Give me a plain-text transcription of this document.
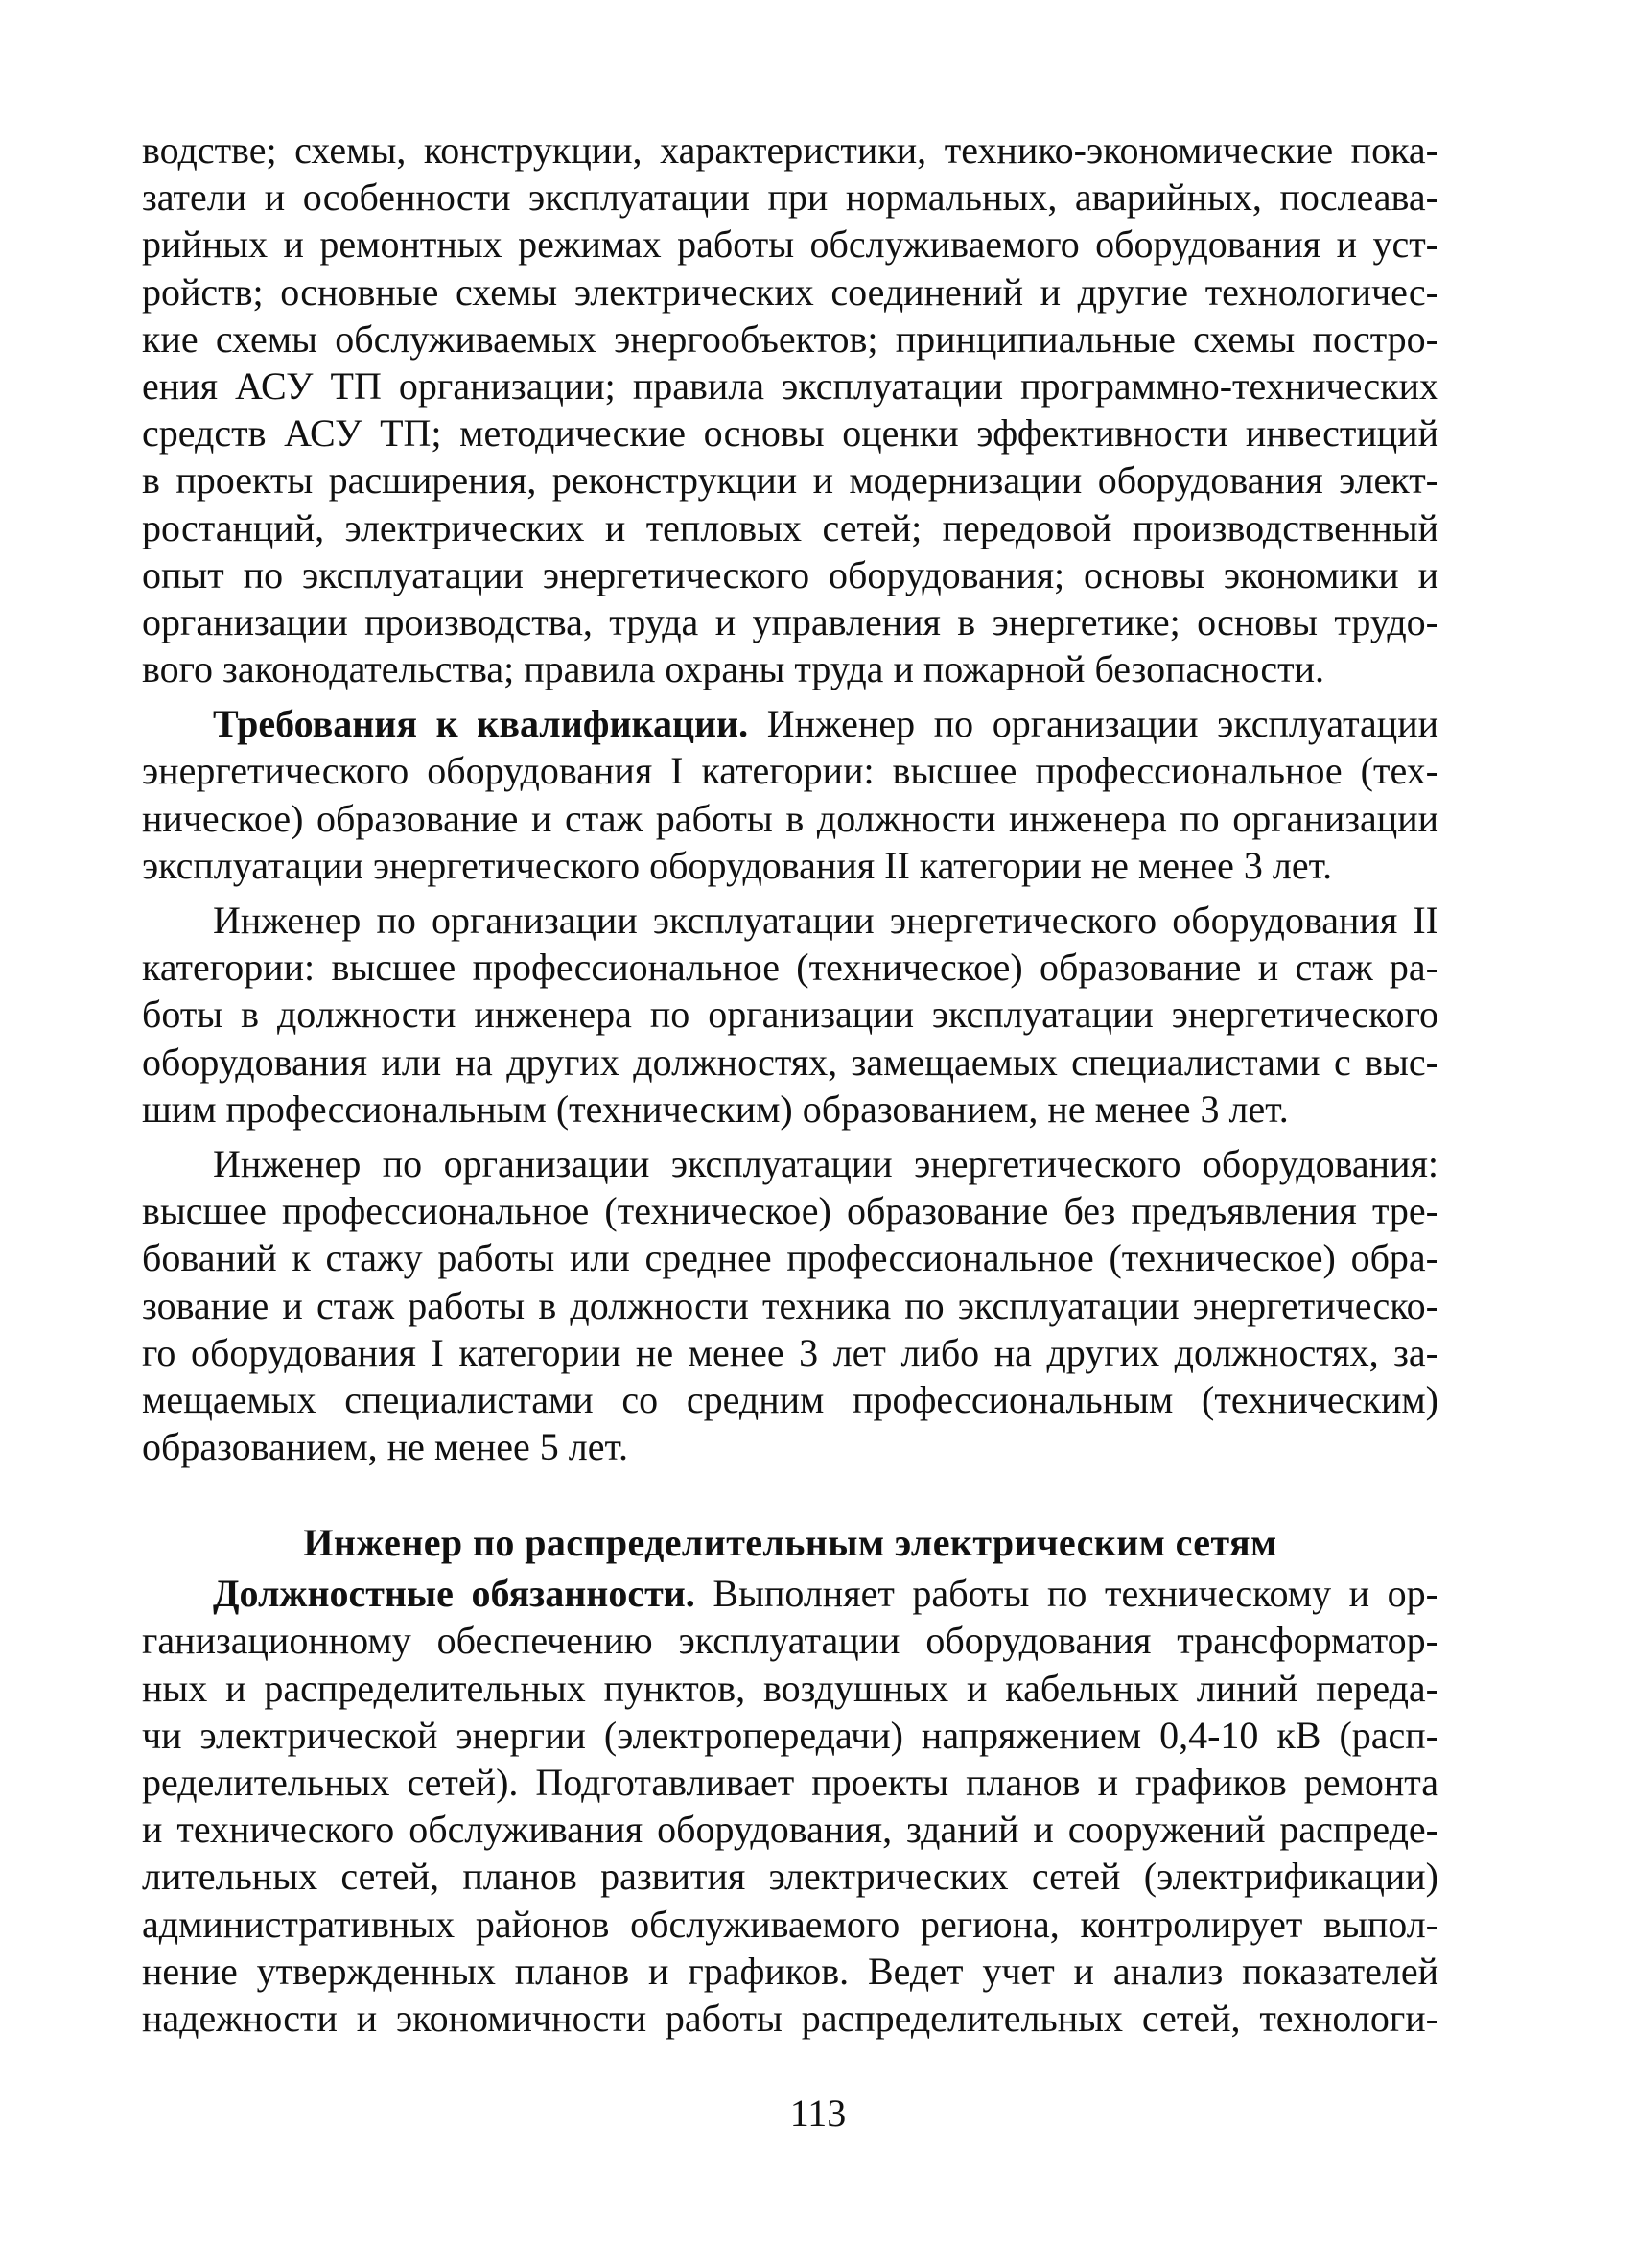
водстве; схемы, конструкции, характеристики, технико-экономические пока-
затели и особенности эксплуатации при нормальных, аварийных, послеава-
рийных и ремонтных режимах работы обслуживаемого оборудования и уст-
ройств; основные схемы электрических соединений и другие технологичес-
кие схемы обслуживаемых энергообъектов; принципиальные схемы постро-
ения АСУ ТП организации; правила эксплуатации программно-технических
средств АСУ ТП; методические основы оценки эффективности инвестиций
в проекты расширения, реконструкции и модернизации оборудования элект-
ростанций, электрических и тепловых сетей; передовой производственный
опыт по эксплуатации энергетического оборудования; основы экономики и
организации производства, труда и управления в энергетике; основы трудо-
вого законодательства; правила охраны труда и пожарной безопасности.
Требования к квалификации. Инженер по организации эксплуатации
энергетического оборудования I категории: высшее профессиональное (тех-
ническое) образование и стаж работы в должности инженера по организации
эксплуатации энергетического оборудования II категории не менее 3 лет.
Инженер по организации эксплуатации энергетического оборудования II
категории: высшее профессиональное (техническое) образование и стаж ра-
боты в должности инженера по организации эксплуатации энергетического
оборудования или на других должностях, замещаемых специалистами с выс-
шим профессиональным (техническим) образованием, не менее 3 лет.
Инженер по организации эксплуатации энергетического оборудования:
высшее профессиональное (техническое) образование без предъявления тре-
бований к стажу работы или среднее профессиональное (техническое) обра-
зование и стаж работы в должности техника по эксплуатации энергетическо-
го оборудования I категории не менее 3 лет либо на других должностях, за-
мещаемых специалистами со средним профессиональным (техническим)
образованием, не менее 5 лет.
Инженер по распределительным электрическим сетям
Должностные обязанности. Выполняет работы по техническому и ор-
ганизационному обеспечению эксплуатации оборудования трансформатор-
ных и распределительных пунктов, воздушных и кабельных линий переда-
чи электрической энергии (электропередачи) напряжением 0,4-10 кВ (расп-
ределительных сетей). Подготавливает проекты планов и графиков ремонта
и технического обслуживания оборудования, зданий и сооружений распреде-
лительных сетей, планов развития электрических сетей (электрификации)
административных районов обслуживаемого региона, контролирует выпол-
нение утвержденных планов и графиков. Ведет учет и анализ показателей
надежности и экономичности работы распределительных сетей, технологи-
113
